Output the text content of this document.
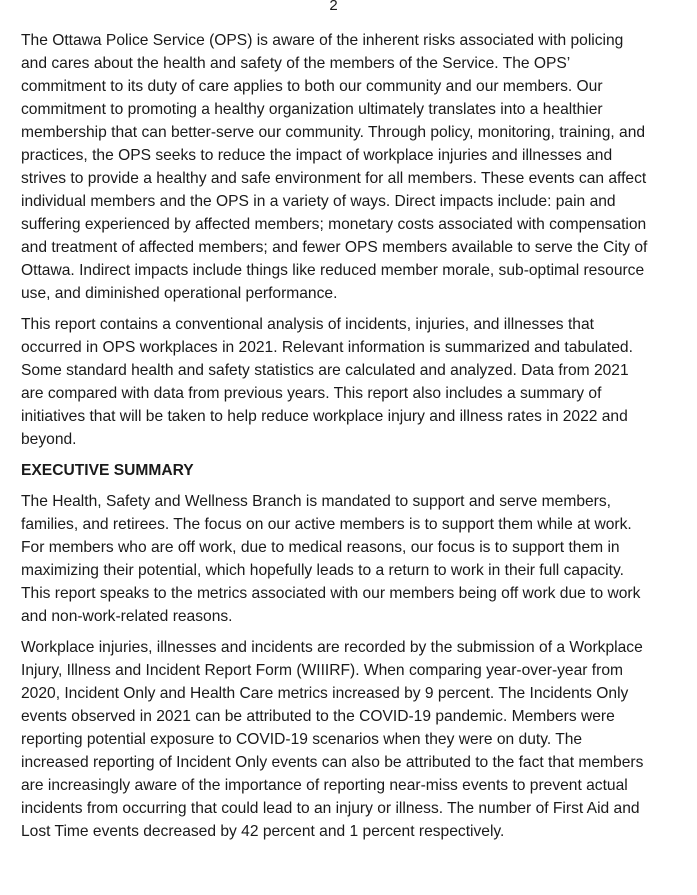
2

The Ottawa Police Service (OPS) is aware of the inherent risks associated with policing and cares about the health and safety of the members of the Service. The OPS’ commitment to its duty of care applies to both our community and our members. Our commitment to promoting a healthy organization ultimately translates into a healthier membership that can better-serve our community. Through policy, monitoring, training, and practices, the OPS seeks to reduce the impact of workplace injuries and illnesses and strives to provide a healthy and safe environment for all members. These events can affect individual members and the OPS in a variety of ways. Direct impacts include: pain and suffering experienced by affected members; monetary costs associated with compensation and treatment of affected members; and fewer OPS members available to serve the City of Ottawa. Indirect impacts include things like reduced member morale, sub-optimal resource use, and diminished operational performance.

This report contains a conventional analysis of incidents, injuries, and illnesses that occurred in OPS workplaces in 2021. Relevant information is summarized and tabulated. Some standard health and safety statistics are calculated and analyzed. Data from 2021 are compared with data from previous years. This report also includes a summary of initiatives that will be taken to help reduce workplace injury and illness rates in 2022 and beyond.

EXECUTIVE SUMMARY

The Health, Safety and Wellness Branch is mandated to support and serve members, families, and retirees. The focus on our active members is to support them while at work. For members who are off work, due to medical reasons, our focus is to support them in maximizing their potential, which hopefully leads to a return to work in their full capacity. This report speaks to the metrics associated with our members being off work due to work and non-work-related reasons.

Workplace injuries, illnesses and incidents are recorded by the submission of a Workplace Injury, Illness and Incident Report Form (WIIIRF). When comparing year-over-year from 2020, Incident Only and Health Care metrics increased by 9 percent. The Incidents Only events observed in 2021 can be attributed to the COVID-19 pandemic. Members were reporting potential exposure to COVID-19 scenarios when they were on duty. The increased reporting of Incident Only events can also be attributed to the fact that members are increasingly aware of the importance of reporting near-miss events to prevent actual incidents from occurring that could lead to an injury or illness. The number of First Aid and Lost Time events decreased by 42 percent and 1 percent respectively.
